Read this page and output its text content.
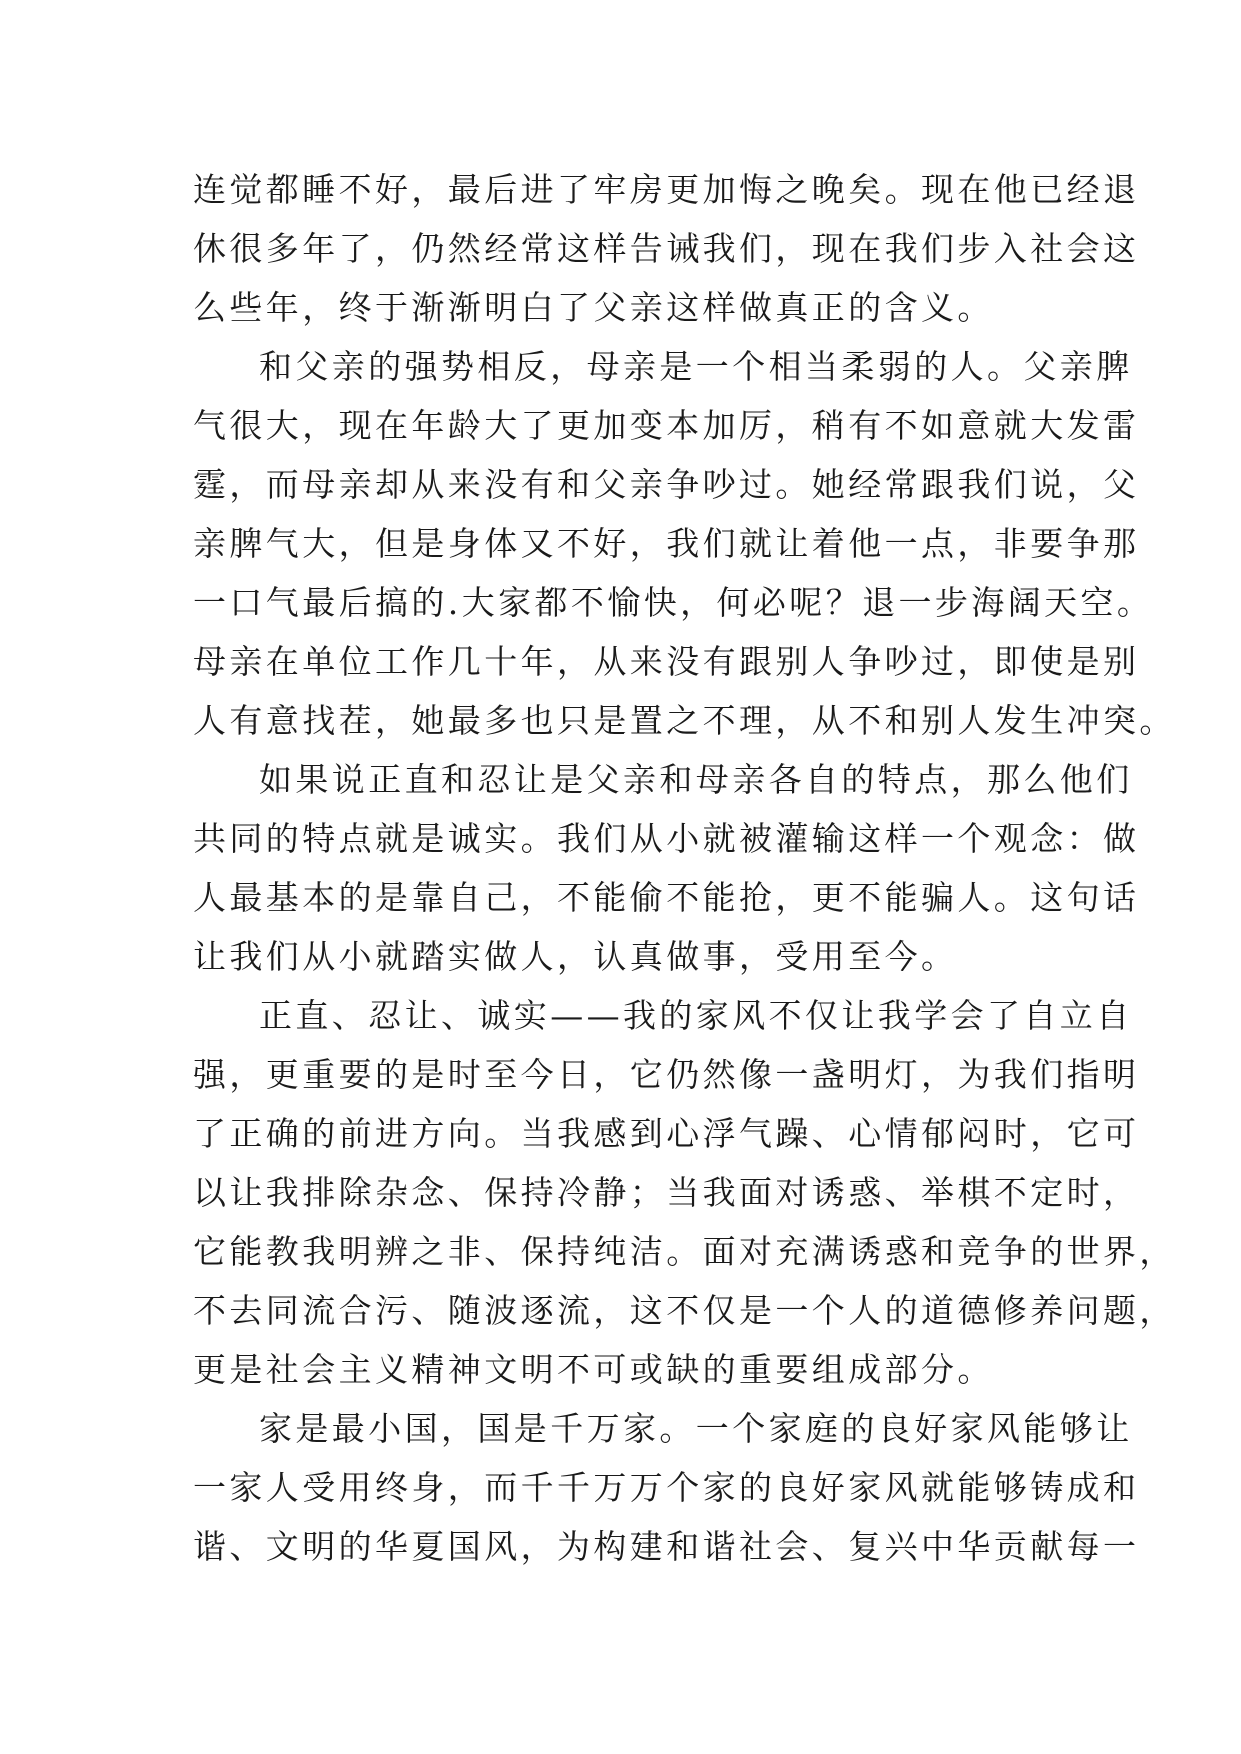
连觉都睡不好，最后进了牢房更加悔之晚矣。现在他已经退
休很多年了，仍然经常这样告诫我们，现在我们步入社会这
么些年，终于渐渐明白了父亲这样做真正的含义。
和父亲的强势相反，母亲是一个相当柔弱的人。父亲脾
气很大，现在年龄大了更加变本加厉，稍有不如意就大发雷
霆，而母亲却从来没有和父亲争吵过。她经常跟我们说，父
亲脾气大，但是身体又不好，我们就让着他一点，非要争那
一口气最后搞的.大家都不愉快，何必呢？退一步海阔天空。
母亲在单位工作几十年，从来没有跟别人争吵过，即使是别
人有意找茬，她最多也只是置之不理，从不和别人发生冲突。
如果说正直和忍让是父亲和母亲各自的特点，那么他们
共同的特点就是诚实。我们从小就被灌输这样一个观念：做
人最基本的是靠自己，不能偷不能抢，更不能骗人。这句话
让我们从小就踏实做人，认真做事，受用至今。
正直、忍让、诚实——我的家风不仅让我学会了自立自
强，更重要的是时至今日，它仍然像一盏明灯，为我们指明
了正确的前进方向。当我感到心浮气躁、心情郁闷时，它可
以让我排除杂念、保持冷静；当我面对诱惑、举棋不定时，
它能教我明辨之非、保持纯洁。面对充满诱惑和竞争的世界，
不去同流合污、随波逐流，这不仅是一个人的道德修养问题，
更是社会主义精神文明不可或缺的重要组成部分。
家是最小国，国是千万家。一个家庭的良好家风能够让
一家人受用终身，而千千万万个家的良好家风就能够铸成和
谐、文明的华夏国风，为构建和谐社会、复兴中华贡献每一
